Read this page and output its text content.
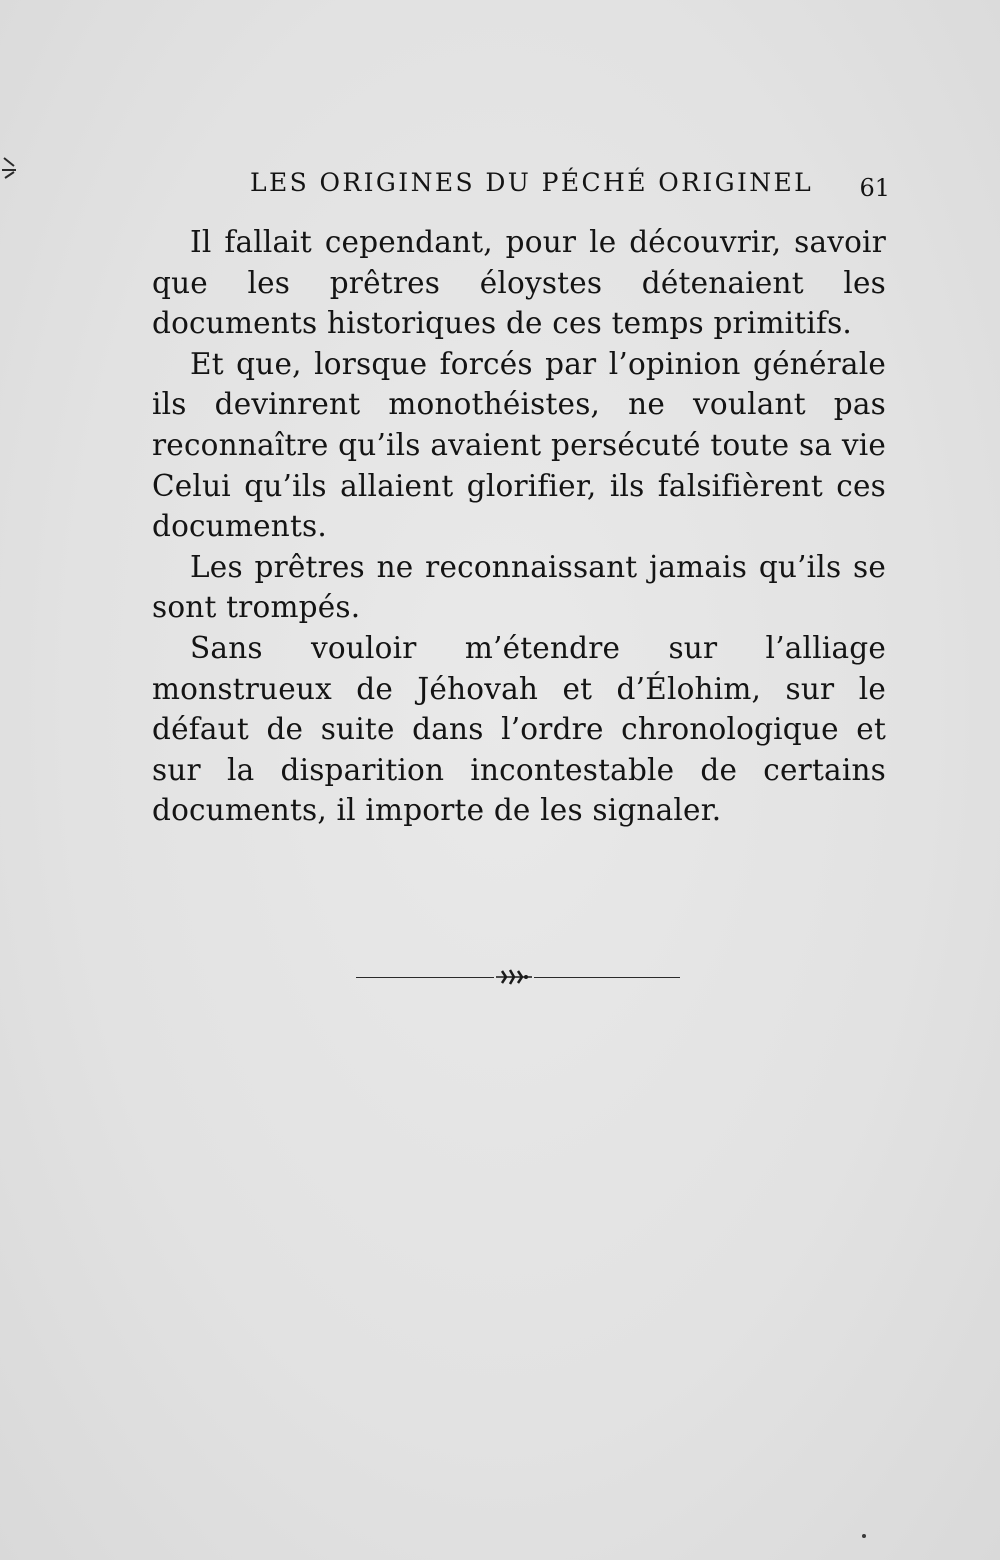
LES ORIGINES DU PÉCHÉ ORIGINEL 61

Il fallait cependant, pour le découvrir, savoir que les prêtres éloystes détenaient les documents historiques de ces temps primitifs.

Et que, lorsque forcés par l’opinion générale ils devinrent monothéistes, ne voulant pas reconnaître qu’ils avaient persécuté toute sa vie Celui qu’ils allaient glorifier, ils falsifièrent ces documents.

Les prêtres ne reconnaissant jamais qu’ils se sont trompés.

Sans vouloir m’étendre sur l’alliage monstrueux de Jéhovah et d’Élohim, sur le défaut de suite dans l’ordre chronologique et sur la disparition incontestable de certains documents, il importe de les signaler.
